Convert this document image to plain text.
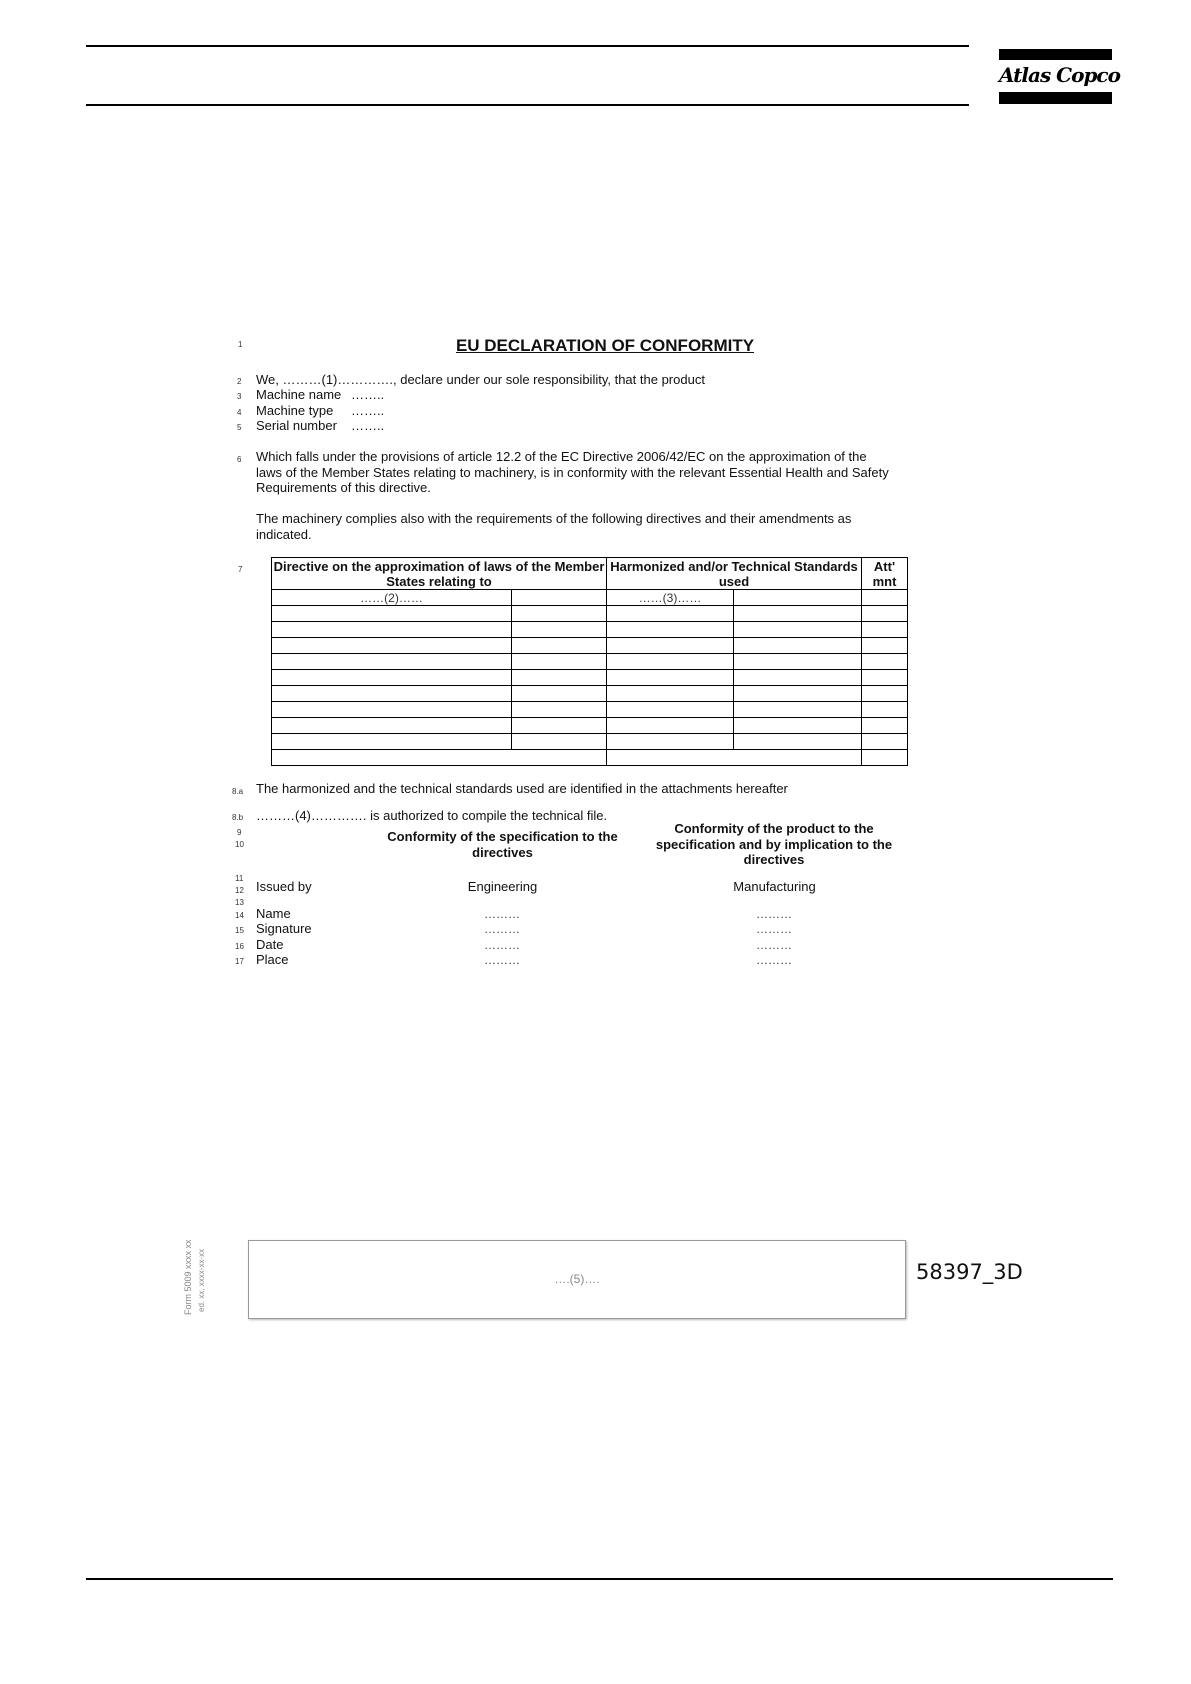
Atlas Copco
1	EU DECLARATION OF CONFORMITY
2	We, ………(1)…………., declare under our sole responsibility, that the product
3	Machine name ……..
4	Machine type ……..
5	Serial number ……..
6	Which falls under the provisions of article 12.2 of the EC Directive 2006/42/EC on the approximation of the laws of the Member States relating to machinery, is in conformity with the relevant Essential Health and Safety Requirements of this directive.
The machinery complies also with the requirements of the following directives and their amendments as indicated.
7	Directive on the approximation of laws of the Member States relating to		Harmonized and/or Technical Standards used		Att' mnt
……(2)……		……(3)……		

8.a The harmonized and the technical standards used are identified in the attachments hereafter
8.b ………(4)…………. is authorized to compile the technical file.
9
10
Conformity of the specification to the directives
Conformity of the product to the specification and by implication to the directives
11
12
13
Issued by	Engineering	Manufacturing
14 Name	………	………
15 Signature	………	………
16 Date	………	………
17 Place	………	………
Form 5009 xxxx xx ed. xx, xxxx-xx-xx	….(5)….	58397_3D
